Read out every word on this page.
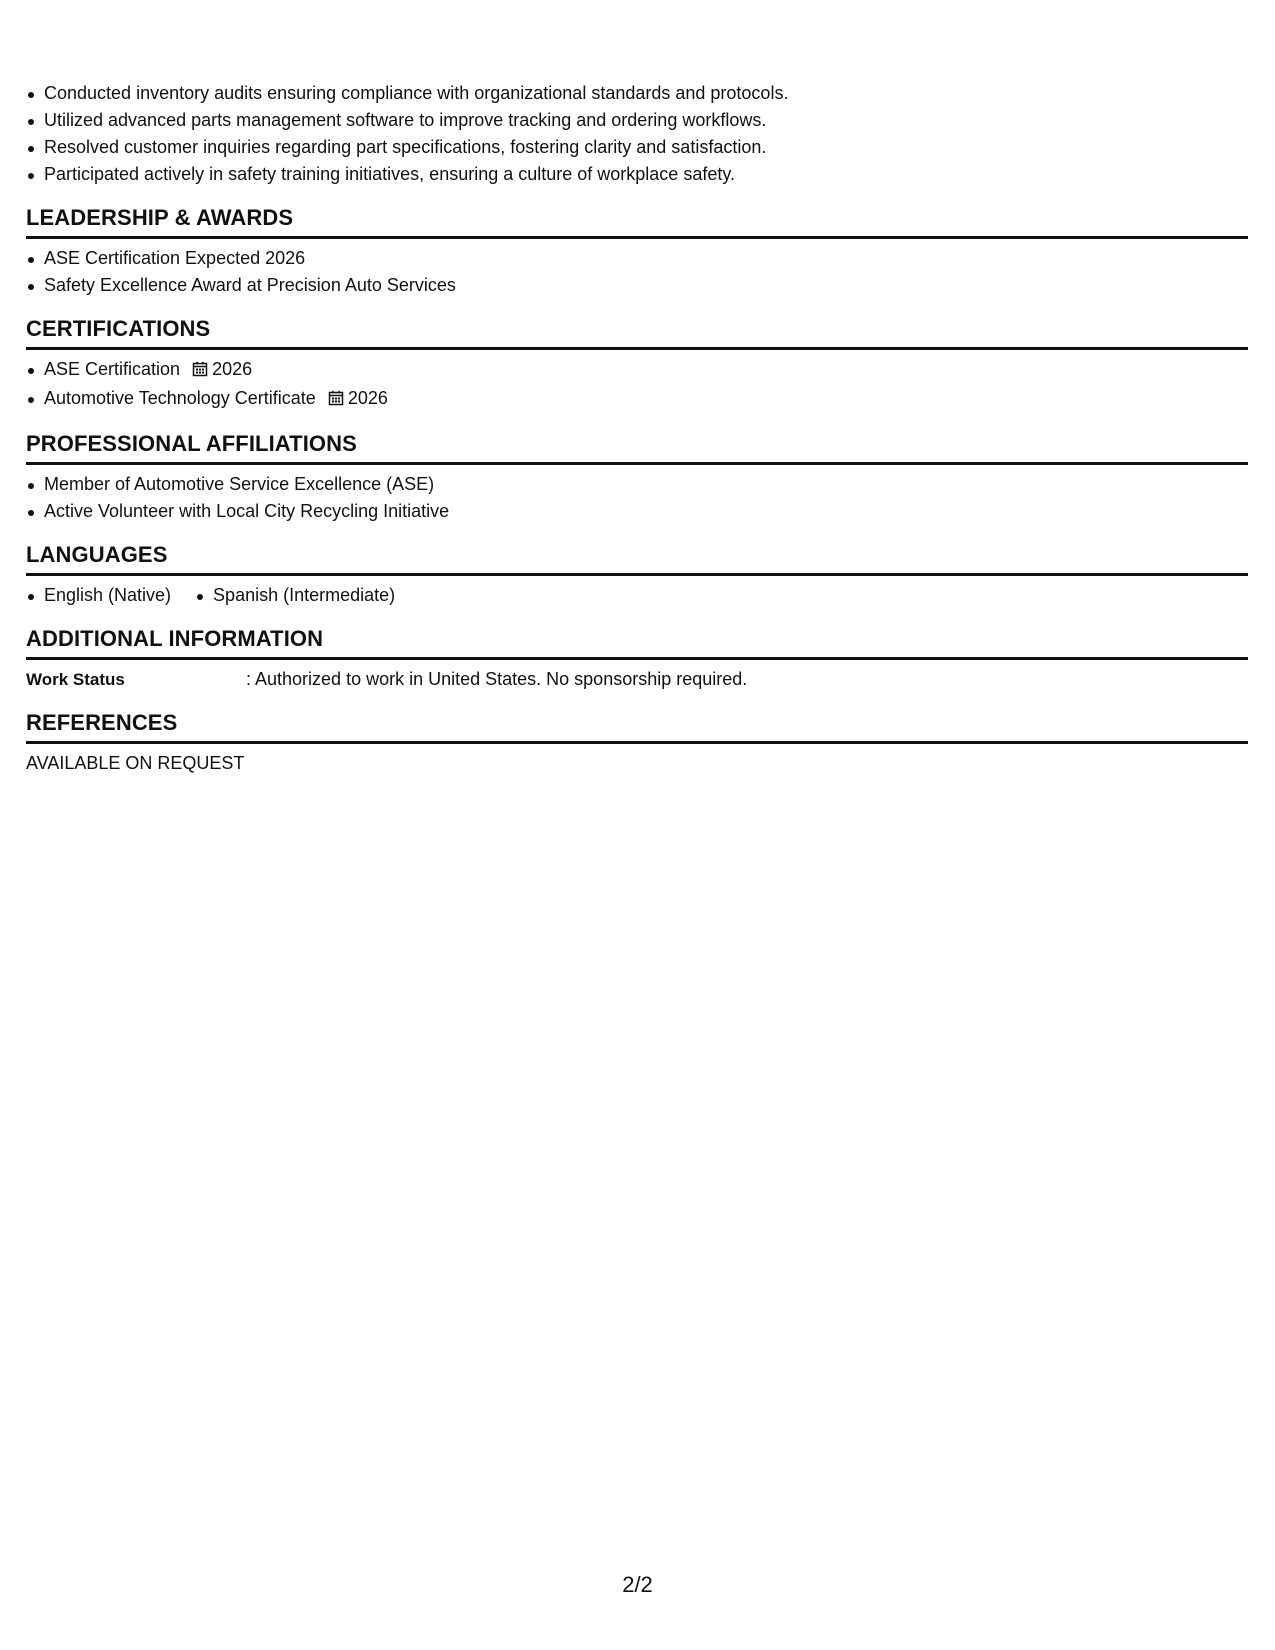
Conducted inventory audits ensuring compliance with organizational standards and protocols.
Utilized advanced parts management software to improve tracking and ordering workflows.
Resolved customer inquiries regarding part specifications, fostering clarity and satisfaction.
Participated actively in safety training initiatives, ensuring a culture of workplace safety.
LEADERSHIP & AWARDS
ASE Certification Expected 2026
Safety Excellence Award at Precision Auto Services
CERTIFICATIONS
ASE Certification 2026
Automotive Technology Certificate 2026
PROFESSIONAL AFFILIATIONS
Member of Automotive Service Excellence (ASE)
Active Volunteer with Local City Recycling Initiative
LANGUAGES
English (Native)	Spanish (Intermediate)
ADDITIONAL INFORMATION
Work Status	: Authorized to work in United States. No sponsorship required.
REFERENCES
AVAILABLE ON REQUEST
2/2
